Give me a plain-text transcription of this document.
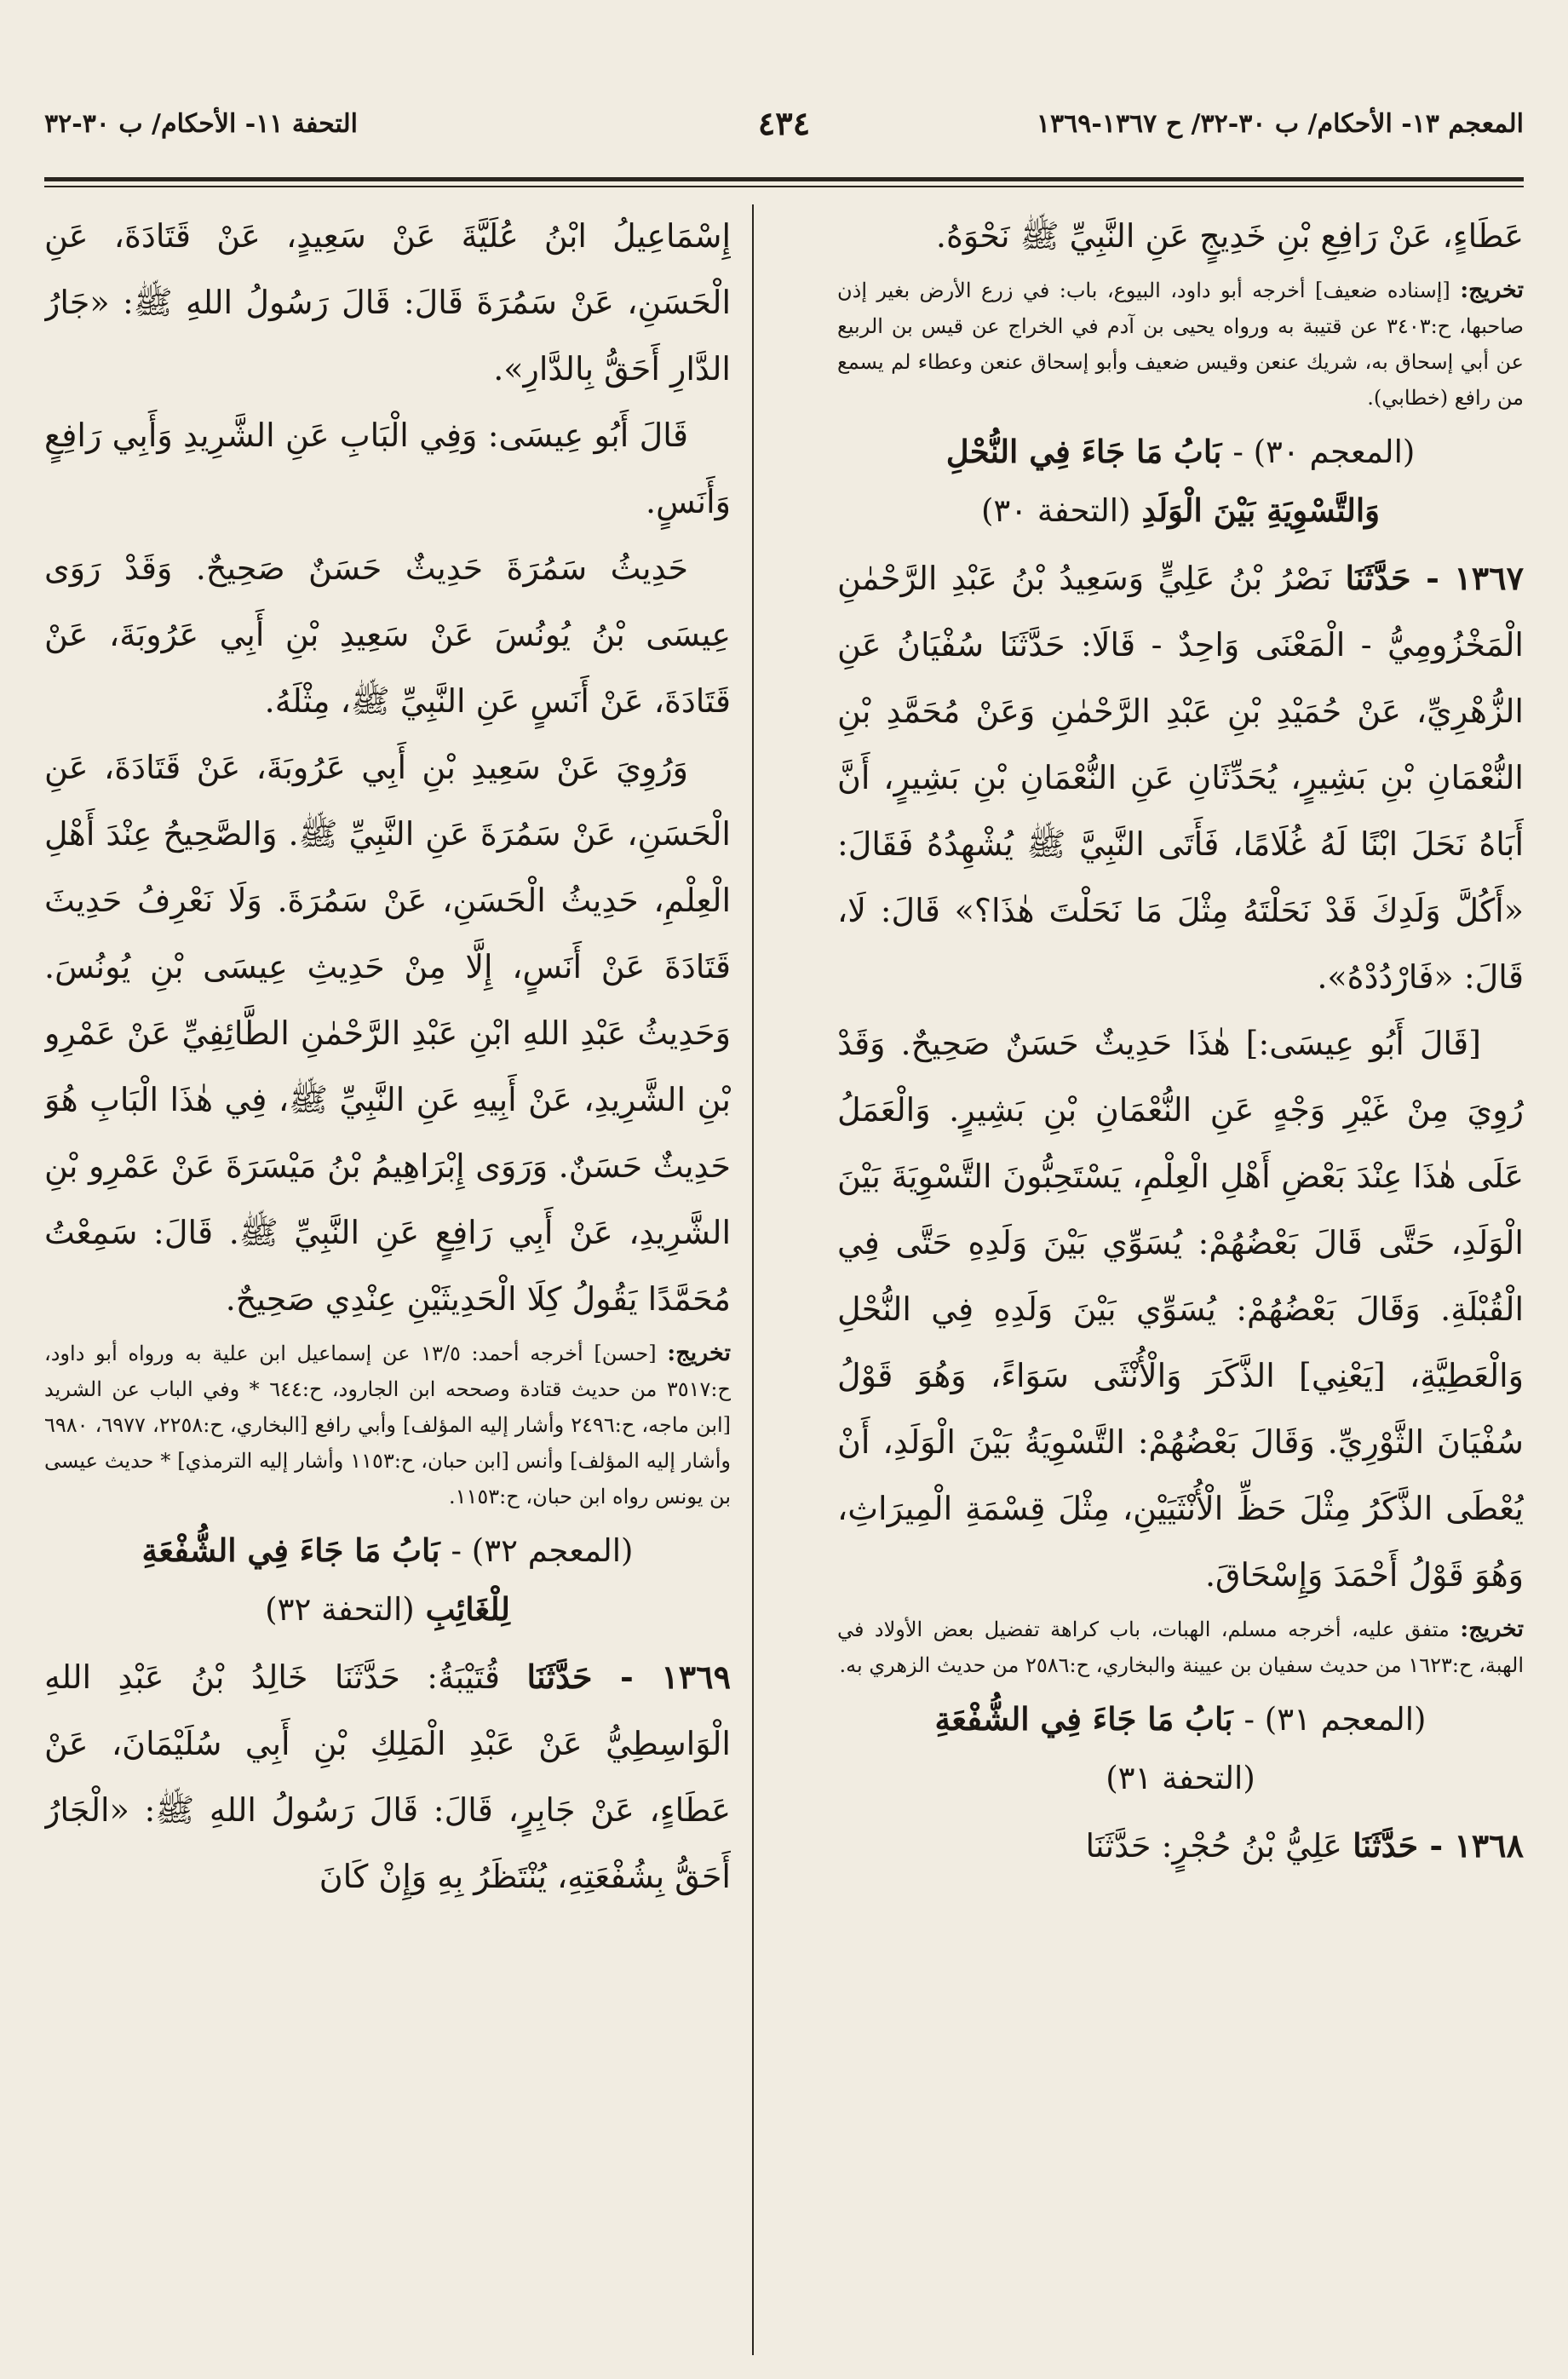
المعجم ١٣- الأحكام/ ب ٣٠-٣٢/ ح ١٣٦٧-١٣٦٩
٤٣٤
التحفة ١١- الأحكام/ ب ٣٠-٣٢

عَطَاءٍ، عَنْ رَافِعِ بْنِ خَدِيجٍ عَنِ النَّبِيِّ ﷺ نَحْوَهُ.

تخريج: [إسناده ضعيف] أخرجه أبو داود، البيوع، باب: في زرع الأرض بغير إذن صاحبها، ح:٣٤٠٣ عن قتيبة به ورواه يحيى بن آدم في الخراج عن قيس بن الربيع عن أبي إسحاق به، شريك عنعن وقيس ضعيف وأبو إسحاق عنعن وعطاء لم يسمع من رافع (خطابي).

(المعجم ٣٠) - بَابُ مَا جَاءَ فِي النُّحْلِ
وَالتَّسْوِيَةِ بَيْنَ الْوَلَدِ (التحفة ٣٠)

١٣٦٧ - حَدَّثَنَا نَصْرُ بْنُ عَلِيٍّ وَسَعِيدُ بْنُ عَبْدِ الرَّحْمٰنِ الْمَخْزُومِيُّ - الْمَعْنَى وَاحِدٌ - قَالَا: حَدَّثَنَا سُفْيَانُ عَنِ الزُّهْرِيِّ، عَنْ حُمَيْدِ بْنِ عَبْدِ الرَّحْمٰنِ وَعَنْ مُحَمَّدِ بْنِ النُّعْمَانِ بْنِ بَشِيرٍ، يُحَدِّثَانِ عَنِ النُّعْمَانِ بْنِ بَشِيرٍ، أَنَّ أَبَاهُ نَحَلَ ابْنًا لَهُ غُلَامًا، فَأَتَى النَّبِيَّ ﷺ يُشْهِدُهُ فَقَالَ: «أَكُلَّ وَلَدِكَ قَدْ نَحَلْتَهُ مِثْلَ مَا نَحَلْتَ هٰذَا؟» قَالَ: لَا، قَالَ: «فَارْدُدْهُ».

[قَالَ أَبُو عِيسَى:] هٰذَا حَدِيثٌ حَسَنٌ صَحِيحٌ. وَقَدْ رُوِيَ مِنْ غَيْرِ وَجْهٍ عَنِ النُّعْمَانِ بْنِ بَشِيرٍ. وَالْعَمَلُ عَلَى هٰذَا عِنْدَ بَعْضِ أَهْلِ الْعِلْمِ، يَسْتَحِبُّونَ التَّسْوِيَةَ بَيْنَ الْوَلَدِ، حَتَّى قَالَ بَعْضُهُمْ: يُسَوِّي بَيْنَ وَلَدِهِ حَتَّى فِي الْقُبْلَةِ. وَقَالَ بَعْضُهُمْ: يُسَوِّي بَيْنَ وَلَدِهِ فِي النُّحْلِ وَالْعَطِيَّةِ، [يَعْنِي] الذَّكَرَ وَالْأُنْثَى سَوَاءً، وَهُوَ قَوْلُ سُفْيَانَ الثَّوْرِيِّ. وَقَالَ بَعْضُهُمْ: التَّسْوِيَةُ بَيْنَ الْوَلَدِ، أَنْ يُعْطَى الذَّكَرُ مِثْلَ حَظِّ الْأُنْثَيَيْنِ، مِثْلَ قِسْمَةِ الْمِيرَاثِ، وَهُوَ قَوْلُ أَحْمَدَ وَإِسْحَاقَ.

تخريج: متفق عليه، أخرجه مسلم، الهبات، باب كراهة تفضيل بعض الأولاد في الهبة، ح:١٦٢٣ من حديث سفيان بن عيينة والبخاري، ح:٢٥٨٦ من حديث الزهري به.

(المعجم ٣١) - بَابُ مَا جَاءَ فِي الشُّفْعَةِ
(التحفة ٣١)

١٣٦٨ - حَدَّثَنَا عَلِيُّ بْنُ حُجْرٍ: حَدَّثَنَا

إِسْمَاعِيلُ ابْنُ عُلَيَّةَ عَنْ سَعِيدٍ، عَنْ قَتَادَةَ، عَنِ الْحَسَنِ، عَنْ سَمُرَةَ قَالَ: قَالَ رَسُولُ اللهِ ﷺ: «جَارُ الدَّارِ أَحَقُّ بِالدَّارِ».

قَالَ أَبُو عِيسَى: وَفِي الْبَابِ عَنِ الشَّرِيدِ وَأَبِي رَافِعٍ وَأَنَسٍ.

حَدِيثُ سَمُرَةَ حَدِيثٌ حَسَنٌ صَحِيحٌ. وَقَدْ رَوَى عِيسَى بْنُ يُونُسَ عَنْ سَعِيدِ بْنِ أَبِي عَرُوبَةَ، عَنْ قَتَادَةَ، عَنْ أَنَسٍ عَنِ النَّبِيِّ ﷺ، مِثْلَهُ.

وَرُوِيَ عَنْ سَعِيدِ بْنِ أَبِي عَرُوبَةَ، عَنْ قَتَادَةَ، عَنِ الْحَسَنِ، عَنْ سَمُرَةَ عَنِ النَّبِيِّ ﷺ. وَالصَّحِيحُ عِنْدَ أَهْلِ الْعِلْمِ، حَدِيثُ الْحَسَنِ، عَنْ سَمُرَةَ. وَلَا نَعْرِفُ حَدِيثَ قَتَادَةَ عَنْ أَنَسٍ، إِلَّا مِنْ حَدِيثِ عِيسَى بْنِ يُونُسَ. وَحَدِيثُ عَبْدِ اللهِ ابْنِ عَبْدِ الرَّحْمٰنِ الطَّائِفِيِّ عَنْ عَمْرِو بْنِ الشَّرِيدِ، عَنْ أَبِيهِ عَنِ النَّبِيِّ ﷺ، فِي هٰذَا الْبَابِ هُوَ حَدِيثٌ حَسَنٌ. وَرَوَى إِبْرَاهِيمُ بْنُ مَيْسَرَةَ عَنْ عَمْرِو بْنِ الشَّرِيدِ، عَنْ أَبِي رَافِعٍ عَنِ النَّبِيِّ ﷺ. قَالَ: سَمِعْتُ مُحَمَّدًا يَقُولُ كِلَا الْحَدِيثَيْنِ عِنْدِي صَحِيحٌ.

تخريج: [حسن] أخرجه أحمد: ١٣/٥ عن إسماعيل ابن علية به ورواه أبو داود، ح:٣٥١٧ من حديث قتادة وصححه ابن الجارود، ح:٦٤٤ * وفي الباب عن الشريد [ابن ماجه، ح:٢٤٩٦ وأشار إليه المؤلف] وأبي رافع [البخاري، ح:٢٢٥٨، ٦٩٧٧، ٦٩٨٠ وأشار إليه المؤلف] وأنس [ابن حبان، ح:١١٥٣ وأشار إليه الترمذي] * حديث عيسى بن يونس رواه ابن حبان، ح:١١٥٣.

(المعجم ٣٢) - بَابُ مَا جَاءَ فِي الشُّفْعَةِ
لِلْغَائِبِ (التحفة ٣٢)

١٣٦٩ - حَدَّثَنَا قُتَيْبَةُ: حَدَّثَنَا خَالِدُ بْنُ عَبْدِ اللهِ الْوَاسِطِيُّ عَنْ عَبْدِ الْمَلِكِ بْنِ أَبِي سُلَيْمَانَ، عَنْ عَطَاءٍ، عَنْ جَابِرٍ، قَالَ: قَالَ رَسُولُ اللهِ ﷺ: «الْجَارُ أَحَقُّ بِشُفْعَتِهِ، يُنْتَظَرُ بِهِ وَإِنْ كَانَ
